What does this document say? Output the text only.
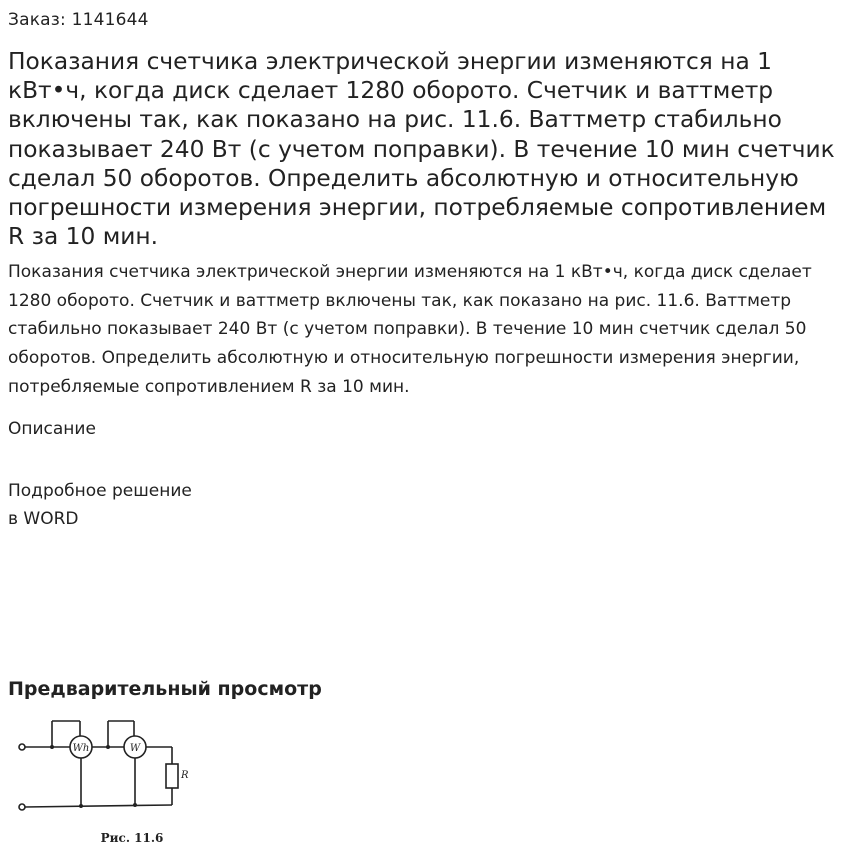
Заказ: 1141644
Показания счетчика электрической энергии изменяются на 1 кВт•ч, когда диск сделает 1280 оборото. Счетчик и ваттметр включены так, как показано на рис. 11.6. Ваттметр стабильно показывает 240 Вт (с учетом поправки). В течение 10 мин счетчик сделал 50 оборотов. Определить абсолютную и относительную погрешности измерения энергии, потребляемые сопротивлением R за 10 мин.

Показания счетчика электрической энергии изменяются на 1 кВт•ч, когда диск сделает 1280 оборото. Счетчик и ваттметр включены так, как показано на рис. 11.6. Ваттметр стабильно показывает 240 Вт (с учетом поправки). В течение 10 мин счетчик сделал 50 оборотов. Определить абсолютную и относительную погрешности измерения энергии, потребляемые сопротивлением R за 10 мин.

Описание
Подробное решение
в WORD
Предварительный просмотр
Wh	W
R
Рис. 11.6
